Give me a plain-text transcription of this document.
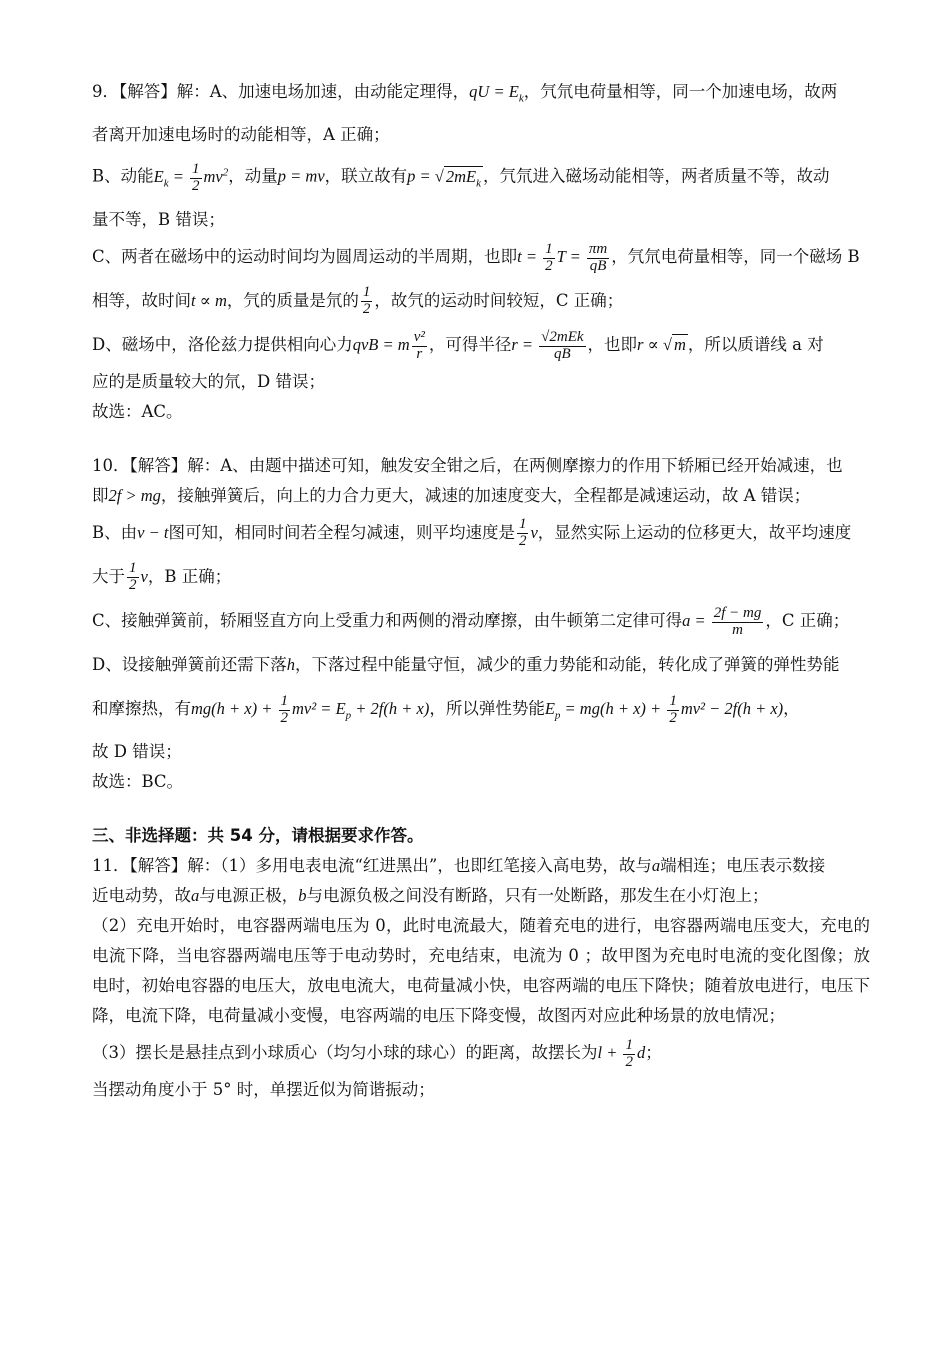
9．【解答】解：A、加速电场加速，由动能定理得，qU = $E_k$，氕氘电荷量相等，同一个加速电场，故两
者离开加速电场时的动能相等，A 正确；
B、动能$E_k = \frac{1}{2} mv^2$，动量p = mv，联立故有p = √ $2mE_k$ ，氕氘进入磁场动能相等，两者质量不等，故动
量不等，B 错误；
C、两者在磁场中的运动时间均为圆周运动的半周期，也即$t = \frac{1}{2}$ $T = \frac{\pi m}{qB}$ ，氕氘电荷量相等，同一个磁场 B
相等，故时间t ∝ m，氕的质量是氘的 $\frac{1}{2}$ ，故氕的运动时间较短，C 正确；
D、磁场中，洛伦兹力提供相向心力qvB = m $\frac{\text{v²}}{r}$ ，可得半径$r = \frac{\text{√2mEk}}{qB}$ ，也即r ∝ √ m ，所以质谱线 a 对
应的是质量较大的氘，D 错误；
故选：AC。
10．【解答】解：A、由题中描述可知，触发安全钳之后，在两侧摩擦力的作用下轿厢已经开始减速，也
即2f > mg，接触弹簧后，向上的力合力更大，减速的加速度变大，全程都是减速运动，故 A 错误；
B、由v − t图可知，相同时间若全程匀减速，则平均速度是 $\frac{1}{2}$ v，显然实际上运动的位移更大，故平均速度
大于 $\frac{1}{2}$ v，B 正确；
C、接触弹簧前，轿厢竖直方向上受重力和两侧的滑动摩擦，由牛顿第二定律可得$a = \frac{2f - mg}{m}$ ，C 正确；
D、设接触弹簧前还需下落h，下落过程中能量守恒，减少的重力势能和动能，转化成了弹簧的弹性势能
和摩擦热，有$mg(h + x) + \frac{1}{2} mv^2 = E_p + 2f(h + x)$，所以弹性势能$E_p = mg(h + x) + \frac{1}{2} mv^2 - 2f(h + x)$，
故 D 错误；
故选：BC。
三、非选择题：共 54 分，请根据要求作答。
11．【解答】解：（1）多用电表电流“红进黑出”，也即红笔接入高电势，故与a端相连；电压表示数接
近电动势，故a与电源正极，b与电源负极之间没有断路，只有一处断路，那发生在小灯泡上；
（2）充电开始时，电容器两端电压为 0，此时电流最大，随着充电的进行，电容器两端电压变大，充电的电流下降，当电容器两端电压等于电动势时，充电结束，电流为 0 ；故甲图为充电时电流的变化图像；放电时，初始电容器的电压大，放电电流大，电荷量减小快，电容两端的电压下降快；随着放电进行，电压下降，电流下降，电荷量减小变慢，电容两端的电压下降变慢，故图丙对应此种场景的放电情况；
（3）摆长是悬挂点到小球质心（均匀小球的球心）的距离，故摆长为$l + \frac{1}{2}$ d；
当摆动角度小于 5° 时，单摆近似为简谐振动；
